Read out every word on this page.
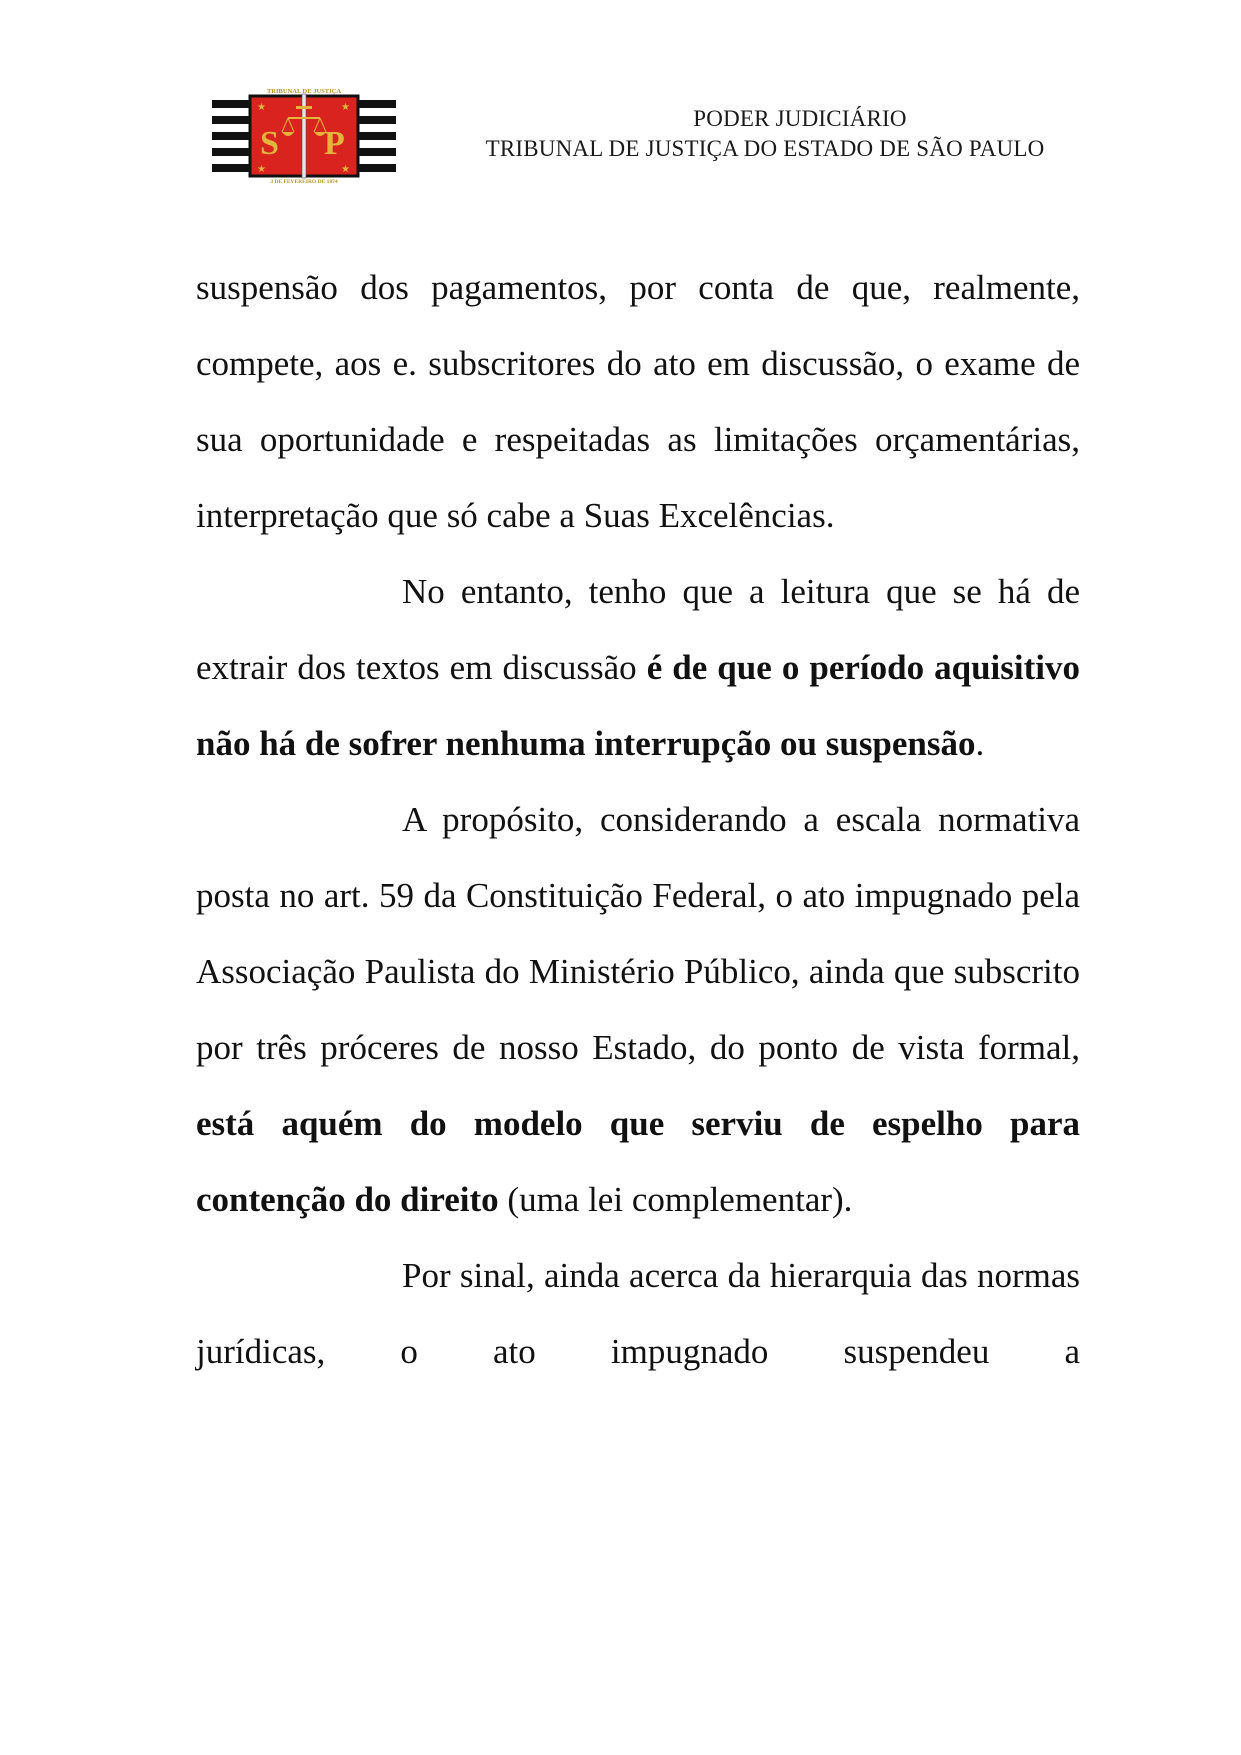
★	★
★	★
S P
TRIBUNAL DE JUSTIÇA
3 DE FEVEREIRO DE 1874
PODER JUDICIÁRIO
TRIBUNAL DE JUSTIÇA DO ESTADO DE SÃO PAULO

suspensão dos pagamentos, por conta de que, realmente, compete, aos e. subscritores do ato em discussão, o exame de sua oportunidade e respeitadas as limitações orçamentárias, interpretação que só cabe a Suas Excelências.

No entanto, tenho que a leitura que se há de extrair dos textos em discussão é de que o período aquisitivo não há de sofrer nenhuma interrupção ou suspensão.

A propósito, considerando a escala normativa posta no art. 59 da Constituição Federal, o ato impugnado pela Associação Paulista do Ministério Público, ainda que subscrito por três próceres de nosso Estado, do ponto de vista formal, está aquém do modelo que serviu de espelho para contenção do direito (uma lei complementar).

Por sinal, ainda acerca da hierarquia das normas jurídicas, o ato impugnado suspendeu a
